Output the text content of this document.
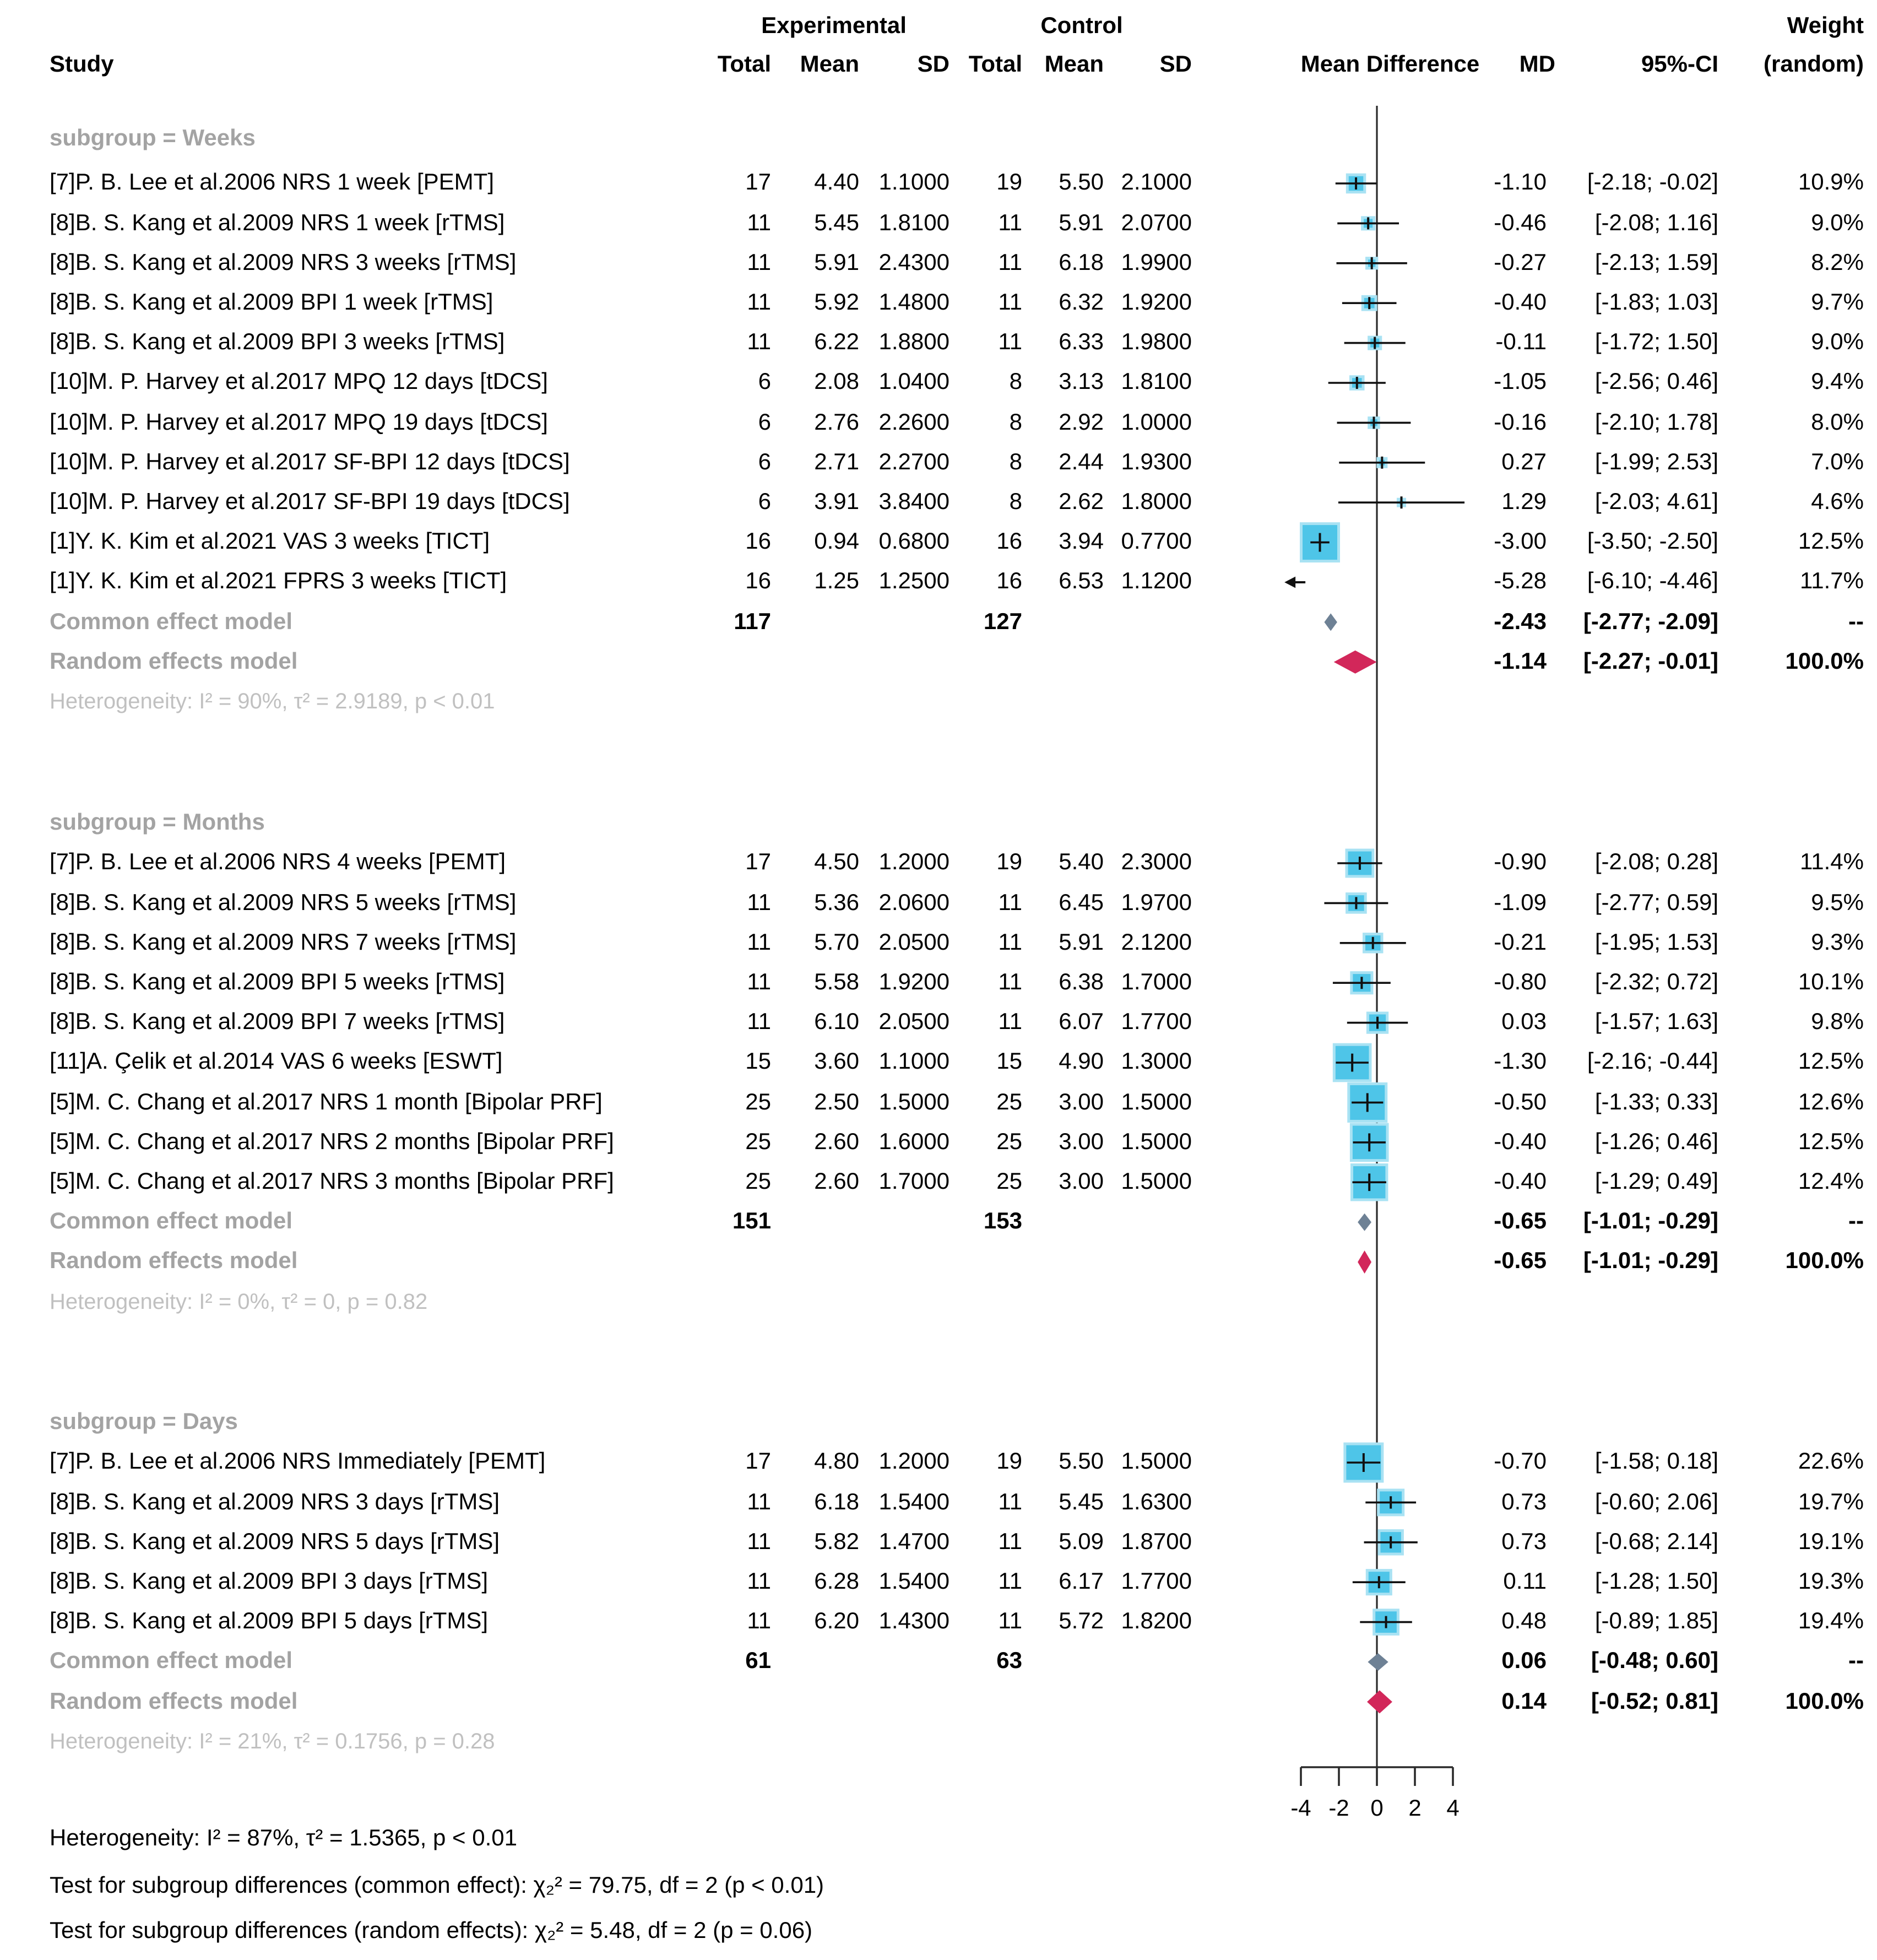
Experimental	Control	Weight
Study	Total	Mean	SD Total Mean	SD	Mean Difference	MD	95%-CI	(random)
-4	-2	0	2	4
subgroup = Weeks
[7]P. B. Lee et al.2006 NRS 1 week [PEMT]	17	4.40 1.1000	19	5.50 2.1000	-1.10	[-2.18; -0.02]	10.9%
[8]B. S. Kang et al.2009 NRS 1 week [rTMS]	11	5.45 1.8100	11	5.91 2.0700	-0.46	[-2.08; 1.16]	9.0%
[8]B. S. Kang et al.2009 NRS 3 weeks [rTMS]	11	5.91 2.4300	11	6.18 1.9900	-0.27	[-2.13; 1.59]	8.2%
[8]B. S. Kang et al.2009 BPI 1 week [rTMS]	11	5.92 1.4800	11	6.32 1.9200	-0.40	[-1.83; 1.03]	9.7%
[8]B. S. Kang et al.2009 BPI 3 weeks [rTMS]	11	6.22 1.8800	11	6.33 1.9800	-0.11	[-1.72; 1.50]	9.0%
[10]M. P. Harvey et al.2017 MPQ 12 days [tDCS]	6	2.08 1.0400	8	3.13 1.8100	-1.05	[-2.56; 0.46]	9.4%
[10]M. P. Harvey et al.2017 MPQ 19 days [tDCS]	6	2.76 2.2600	8	2.92 1.0000	-0.16	[-2.10; 1.78]	8.0%
[10]M. P. Harvey et al.2017 SF-BPI 12 days [tDCS]	6	2.71 2.2700	8	2.44 1.9300	0.27	[-1.99; 2.53]	7.0%
[10]M. P. Harvey et al.2017 SF-BPI 19 days [tDCS]	6	3.91 3.8400	8	2.62 1.8000	1.29	[-2.03; 4.61]	4.6%
[1]Y. K. Kim et al.2021 VAS 3 weeks [TICT]	16	0.94 0.6800	16	3.94 0.7700	-3.00	[-3.50; -2.50]	12.5%
[1]Y. K. Kim et al.2021 FPRS 3 weeks [TICT]	16	1.25 1.2500	16	6.53 1.1200	-5.28	[-6.10; -4.46]	11.7%
Common effect model	117	127	-2.43	[-2.77; -2.09]	--
Random effects model	-1.14	[-2.27; -0.01]	100.0%
Heterogeneity: I² = 90%, τ² = 2.9189, p < 0.01
subgroup = Months
[7]P. B. Lee et al.2006 NRS 4 weeks [PEMT]	17	4.50 1.2000	19	5.40 2.3000	-0.90	[-2.08; 0.28]	11.4%
[8]B. S. Kang et al.2009 NRS 5 weeks [rTMS]	11	5.36 2.0600	11	6.45 1.9700	-1.09	[-2.77; 0.59]	9.5%
[8]B. S. Kang et al.2009 NRS 7 weeks [rTMS]	11	5.70 2.0500	11	5.91 2.1200	-0.21	[-1.95; 1.53]	9.3%
[8]B. S. Kang et al.2009 BPI 5 weeks [rTMS]	11	5.58 1.9200	11	6.38 1.7000	-0.80	[-2.32; 0.72]	10.1%
[8]B. S. Kang et al.2009 BPI 7 weeks [rTMS]	11	6.10 2.0500	11	6.07 1.7700	0.03	[-1.57; 1.63]	9.8%
[11]A. Çelik et al.2014 VAS 6 weeks [ESWT]	15	3.60 1.1000	15	4.90 1.3000	-1.30	[-2.16; -0.44]	12.5%
[5]M. C. Chang et al.2017 NRS 1 month [Bipolar PRF]	25	2.50 1.5000	25	3.00 1.5000	-0.50	[-1.33; 0.33]	12.6%
[5]M. C. Chang et al.2017 NRS 2 months [Bipolar PRF]	25	2.60 1.6000	25	3.00 1.5000	-0.40	[-1.26; 0.46]	12.5%
[5]M. C. Chang et al.2017 NRS 3 months [Bipolar PRF]	25	2.60 1.7000	25	3.00 1.5000	-0.40	[-1.29; 0.49]	12.4%
Common effect model	151	153	-0.65	[-1.01; -0.29]	--
Random effects model	-0.65	[-1.01; -0.29]	100.0%
Heterogeneity: I² = 0%, τ² = 0, p = 0.82
subgroup = Days
[7]P. B. Lee et al.2006 NRS Immediately [PEMT]	17	4.80 1.2000	19	5.50 1.5000	-0.70	[-1.58; 0.18]	22.6%
[8]B. S. Kang et al.2009 NRS 3 days [rTMS]	11	6.18 1.5400	11	5.45 1.6300	0.73	[-0.60; 2.06]	19.7%
[8]B. S. Kang et al.2009 NRS 5 days [rTMS]	11	5.82 1.4700	11	5.09 1.8700	0.73	[-0.68; 2.14]	19.1%
[8]B. S. Kang et al.2009 BPI 3 days [rTMS]	11	6.28 1.5400	11	6.17 1.7700	0.11	[-1.28; 1.50]	19.3%
[8]B. S. Kang et al.2009 BPI 5 days [rTMS]	11	6.20 1.4300	11	5.72 1.8200	0.48	[-0.89; 1.85]	19.4%
Common effect model	61	63	0.06	[-0.48; 0.60]	--
Random effects model	0.14	[-0.52; 0.81]	100.0%
Heterogeneity: I² = 21%, τ² = 0.1756, p = 0.28
Heterogeneity: I² = 87%, τ² = 1.5365, p < 0.01
Test for subgroup differences (common effect): χ₂² = 79.75, df = 2 (p < 0.01)
Test for subgroup differences (random effects): χ₂² = 5.48, df = 2 (p = 0.06)
